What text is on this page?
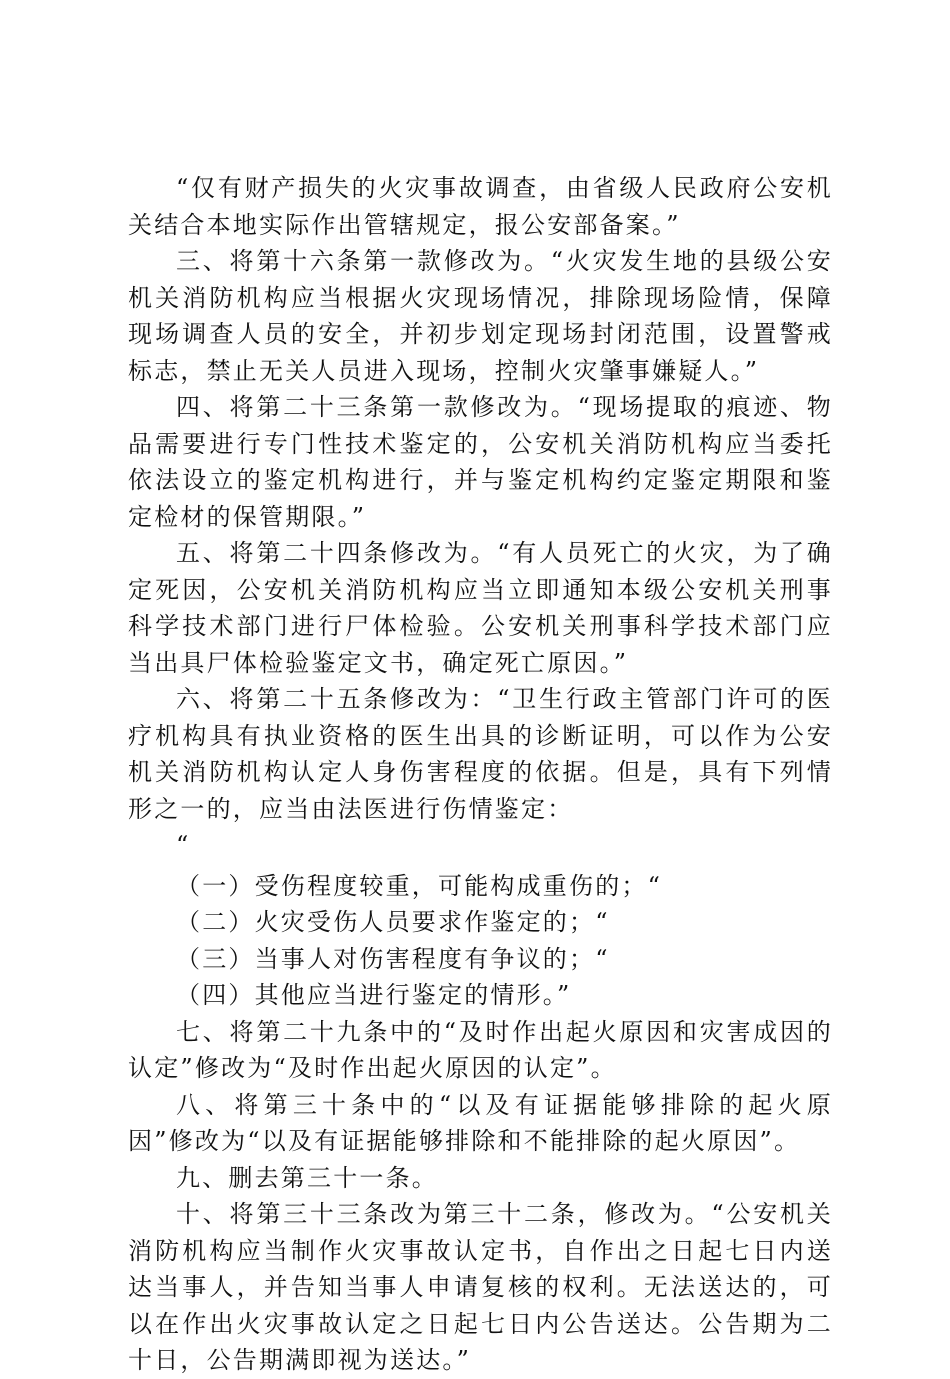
“仅有财产损失的火灾事故调查，由省级人民政府公安机关结合本地实际作出管辖规定，报公安部备案。”

三、将第十六条第一款修改为。“火灾发生地的县级公安机关消防机构应当根据火灾现场情况，排除现场险情，保障现场调查人员的安全，并初步划定现场封闭范围，设置警戒标志，禁止无关人员进入现场，控制火灾肇事嫌疑人。”

四、将第二十三条第一款修改为。“现场提取的痕迹、物品需要进行专门性技术鉴定的，公安机关消防机构应当委托依法设立的鉴定机构进行，并与鉴定机构约定鉴定期限和鉴定检材的保管期限。”

五、将第二十四条修改为。“有人员死亡的火灾，为了确定死因，公安机关消防机构应当立即通知本级公安机关刑事科学技术部门进行尸体检验。公安机关刑事科学技术部门应当出具尸体检验鉴定文书，确定死亡原因。”

六、将第二十五条修改为：“卫生行政主管部门许可的医疗机构具有执业资格的医生出具的诊断证明，可以作为公安机关消防机构认定人身伤害程度的依据。但是，具有下列情形之一的，应当由法医进行伤情鉴定：

“

（一）受伤程度较重，可能构成重伤的；“

（二）火灾受伤人员要求作鉴定的；“

（三）当事人对伤害程度有争议的；“

（四）其他应当进行鉴定的情形。”

七、将第二十九条中的“及时作出起火原因和灾害成因的认定”修改为“及时作出起火原因的认定”。

八、将第三十条中的“以及有证据能够排除的起火原因”修改为“以及有证据能够排除和不能排除的起火原因”。

九、删去第三十一条。

十、将第三十三条改为第三十二条，修改为。“公安机关消防机构应当制作火灾事故认定书，自作出之日起七日内送达当事人，并告知当事人申请复核的权利。无法送达的，可以在作出火灾事故认定之日起七日内公告送达。公告期为二十日，公告期满即视为送达。”
